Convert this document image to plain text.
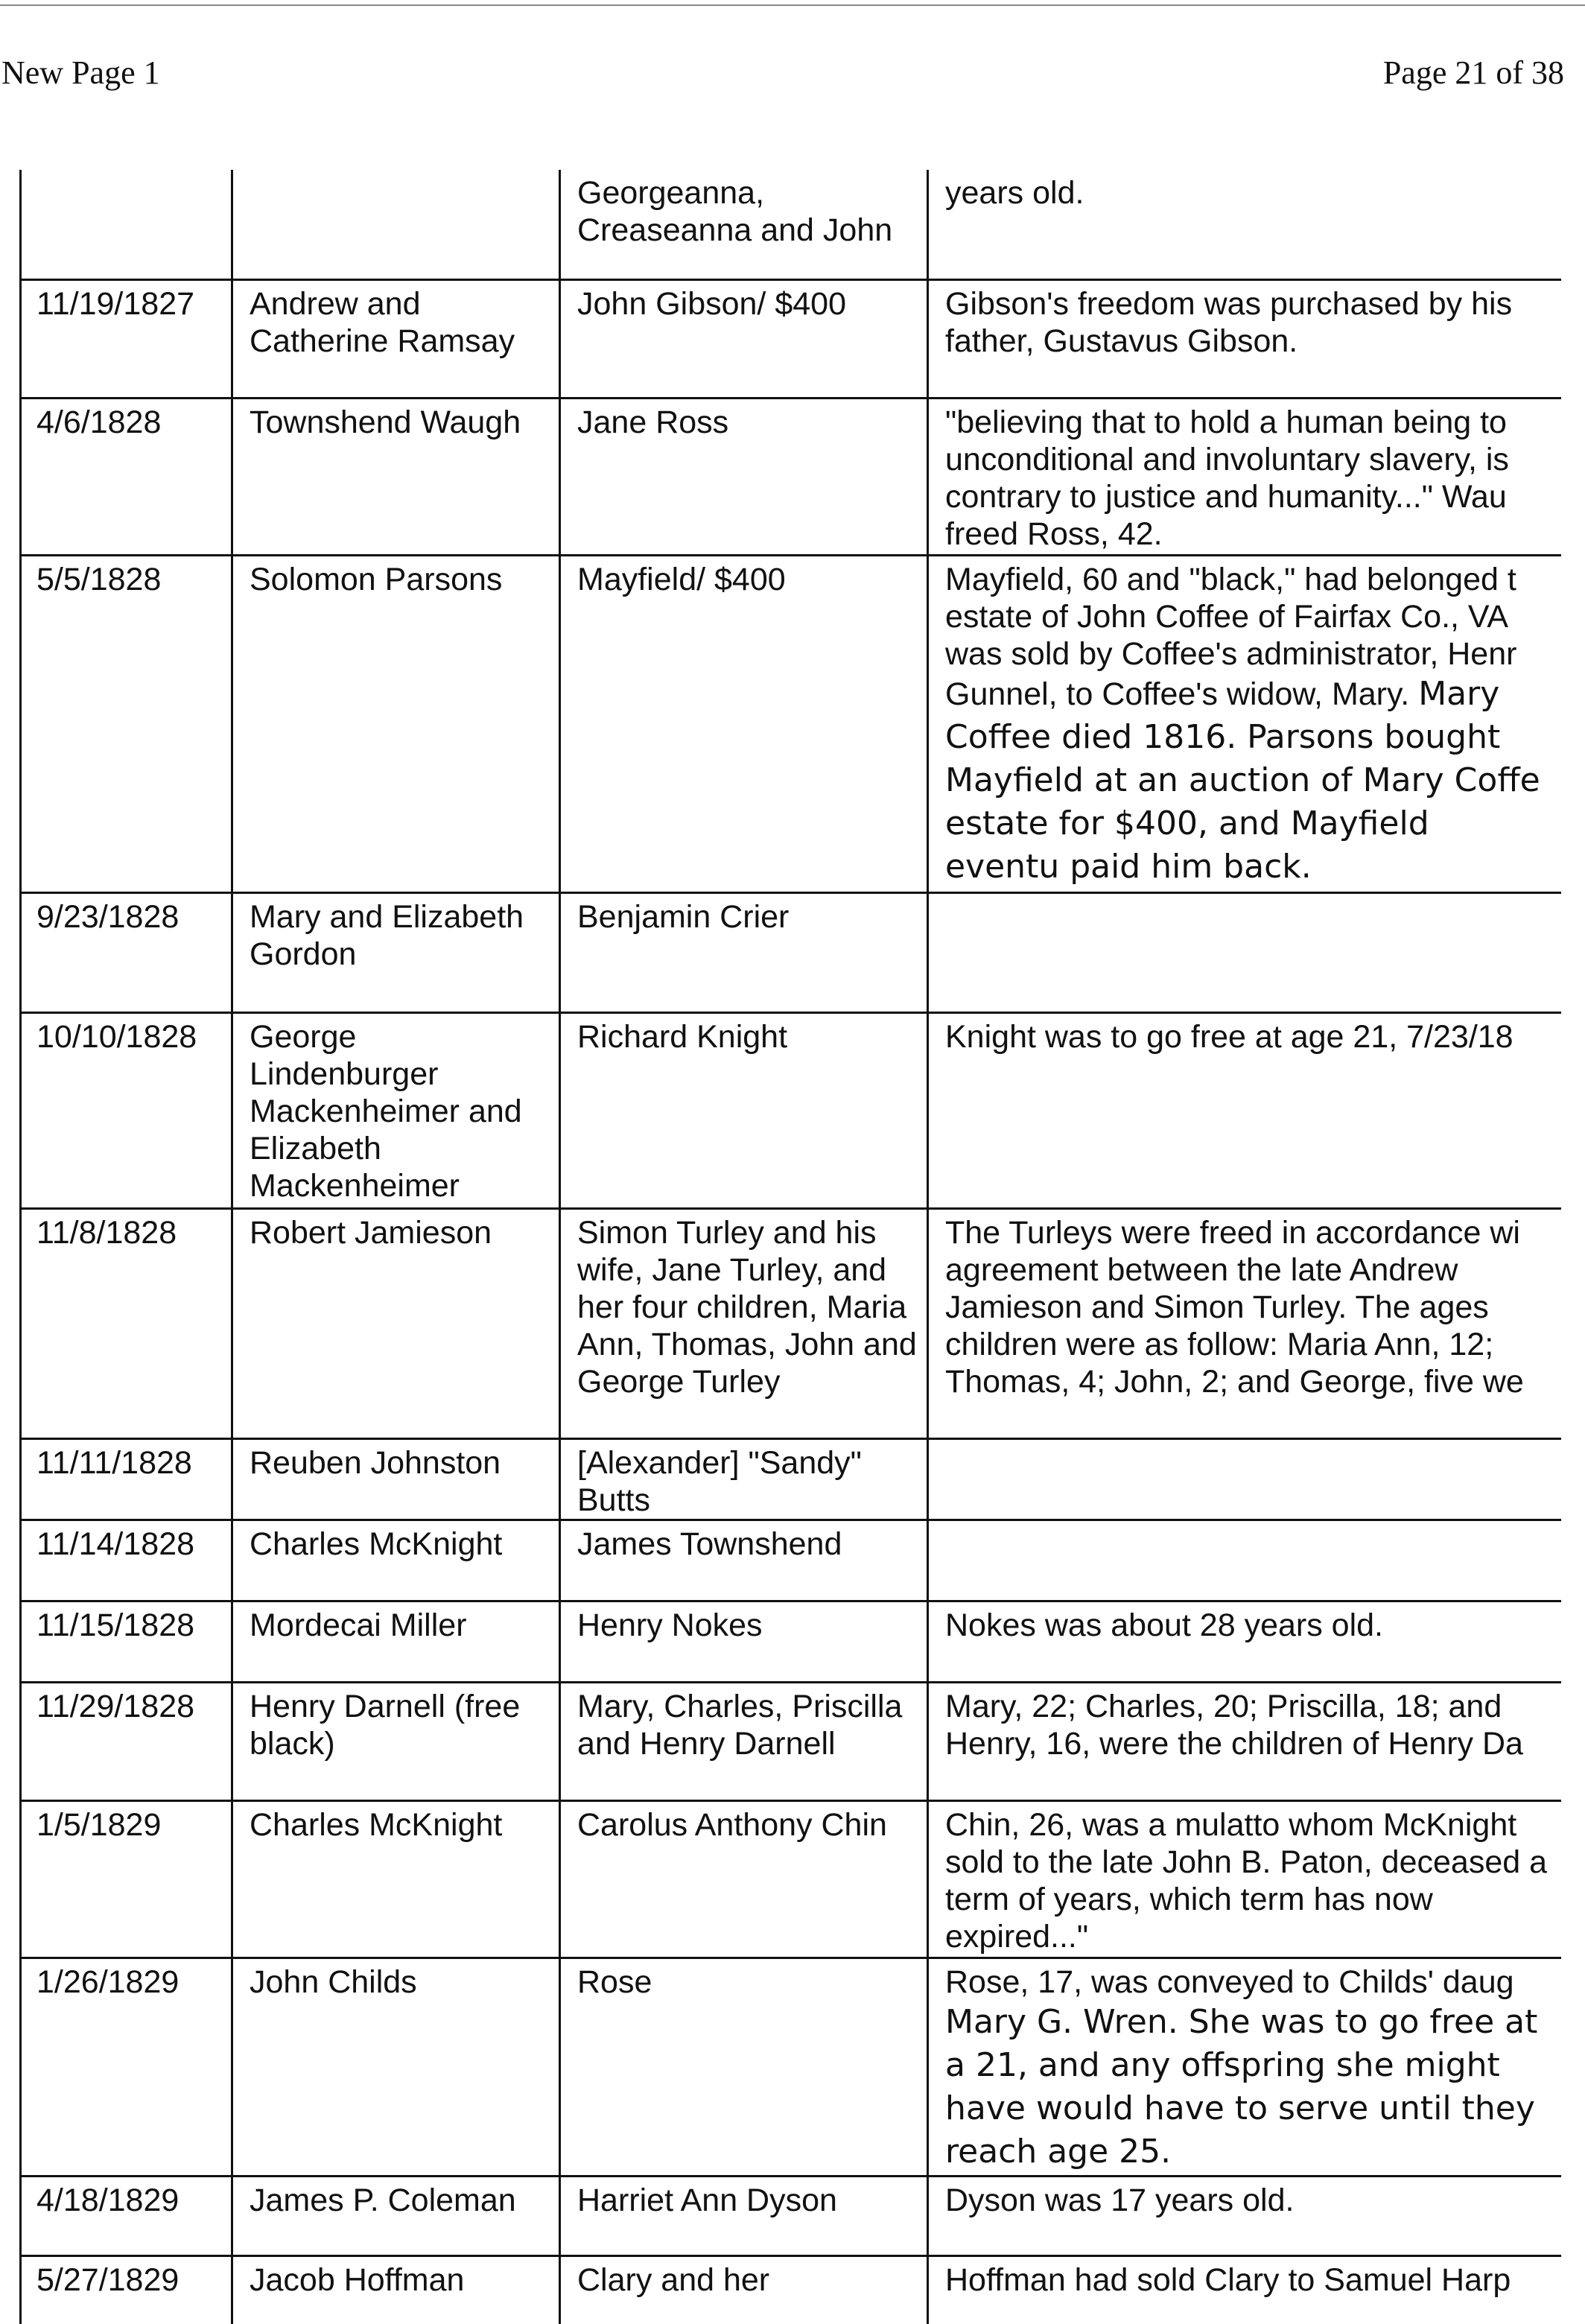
New Page 1	Page 21 of 38
		Georgeanna, Creaseanna and John	years old.
11/19/1827	Andrew and Catherine Ramsay	John Gibson/ $400	Gibson's freedom was purchased by his father, Gustavus Gibson.
4/6/1828	Townshend Waugh	Jane Ross	"believing that to hold a human being to unconditional and involuntary slavery, is contrary to justice and humanity..." Wau freed Ross, 42.
5/5/1828	Solomon Parsons	Mayfield/ $400	Mayfield, 60 and "black," had belonged t estate of John Coffee of Fairfax Co., VA was sold by Coffee's administrator, Henr Gunnel, to Coffee's widow, Mary. Mary Coffee died 1816. Parsons bought Mayfield at an auction of Mary Coffe estate for $400, and Mayfield eventu paid him back.
9/23/1828	Mary and Elizabeth Gordon	Benjamin Crier	
10/10/1828	George Lindenburger Mackenheimer and Elizabeth Mackenheimer	Richard Knight	Knight was to go free at age 21, 7/23/18
11/8/1828	Robert Jamieson	Simon Turley and his wife, Jane Turley, and her four children, Maria Ann, Thomas, John and George Turley	The Turleys were freed in accordance wi agreement between the late Andrew Jamieson and Simon Turley. The ages children were as follow: Maria Ann, 12; Thomas, 4; John, 2; and George, five we
11/11/1828	Reuben Johnston	[Alexander] "Sandy" Butts	
11/14/1828	Charles McKnight	James Townshend	
11/15/1828	Mordecai Miller	Henry Nokes	Nokes was about 28 years old.
11/29/1828	Henry Darnell (free black)	Mary, Charles, Priscilla and Henry Darnell	Mary, 22; Charles, 20; Priscilla, 18; and Henry, 16, were the children of Henry Da
1/5/1829	Charles McKnight	Carolus Anthony Chin	Chin, 26, was a mulatto whom McKnight sold to the late John B. Paton, deceased a term of years, which term has now expired..."
1/26/1829	John Childs	Rose	Rose, 17, was conveyed to Childs' daug Mary G. Wren. She was to go free at a 21, and any offspring she might have would have to serve until they reach age 25.
4/18/1829	James P. Coleman	Harriet Ann Dyson	Dyson was 17 years old.
5/27/1829	Jacob Hoffman	Clary and her	Hoffman had sold Clary to Samuel Harp
